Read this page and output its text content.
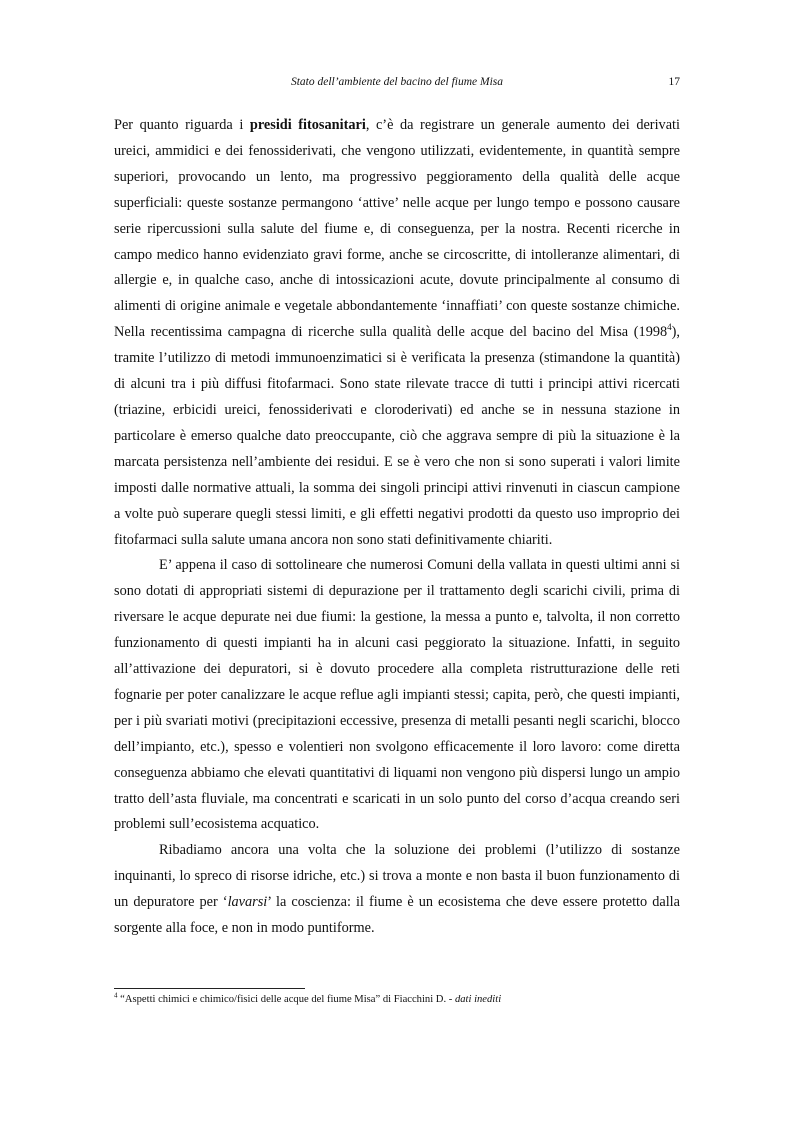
Stato dell’ambiente del bacino del fiume Misa	17

Per quanto riguarda i presidi fitosanitari, c’è da registrare un generale aumento dei derivati ureici, ammidici e dei fenossiderivati, che vengono utilizzati, evidentemente, in quantità sempre superiori, provocando un lento, ma progressivo peggioramento della qualità delle acque superficiali: queste sostanze permangono ‘attive’ nelle acque per lungo tempo e possono causare serie ripercussioni sulla salute del fiume e, di conseguenza, per la nostra. Recenti ricerche in campo medico hanno evidenziato gravi forme, anche se circoscritte, di intolleranze alimentari, di allergie e, in qualche caso, anche di intossicazioni acute, dovute principalmente al consumo di alimenti di origine animale e vegetale abbondantemente ‘innaffiati’ con queste sostanze chimiche. Nella recentissima campagna di ricerche sulla qualità delle acque del bacino del Misa (1998$^4$), tramite l’utilizzo di metodi immunoenzimatici si è verificata la presenza (stimandone la quantità) di alcuni tra i più diffusi fitofarmaci. Sono state rilevate tracce di tutti i principi attivi ricercati (triazine, erbicidi ureici, fenossiderivati e cloroderivati) ed anche se in nessuna stazione in particolare è emerso qualche dato preoccupante, ciò che aggrava sempre di più la situazione è la marcata persistenza nell’ambiente dei residui. E se è vero che non si sono superati i valori limite imposti dalle normative attuali, la somma dei singoli principi attivi rinvenuti in ciascun campione a volte può superare quegli stessi limiti, e gli effetti negativi prodotti da questo uso improprio dei fitofarmaci sulla salute umana ancora non sono stati definitivamente chiariti.

E’ appena il caso di sottolineare che numerosi Comuni della vallata in questi ultimi anni si sono dotati di appropriati sistemi di depurazione per il trattamento degli scarichi civili, prima di riversare le acque depurate nei due fiumi: la gestione, la messa a punto e, talvolta, il non corretto funzionamento di questi impianti ha in alcuni casi peggiorato la situazione. Infatti, in seguito all’attivazione dei depuratori, si è dovuto procedere alla completa ristrutturazione delle reti fognarie per poter canalizzare le acque reflue agli impianti stessi; capita, però, che questi impianti, per i più svariati motivi (precipitazioni eccessive, presenza di metalli pesanti negli scarichi, blocco dell’impianto, etc.), spesso e volentieri non svolgono efficacemente il loro lavoro: come diretta conseguenza abbiamo che elevati quantitativi di liquami non vengono più dispersi lungo un ampio tratto dell’asta fluviale, ma concentrati e scaricati in un solo punto del corso d’acqua creando seri problemi sull’ecosistema acquatico.

Ribadiamo ancora una volta che la soluzione dei problemi (l’utilizzo di sostanze inquinanti, lo spreco di risorse idriche, etc.) si trova a monte e non basta il buon funzionamento di un depuratore per ‘lavarsi’ la coscienza: il fiume è un ecosistema che deve essere protetto dalla sorgente alla foce, e non in modo puntiforme.

$^4$ “Aspetti chimici e chimico/fisici delle acque del fiume Misa” di Fiacchini D. - dati inediti
